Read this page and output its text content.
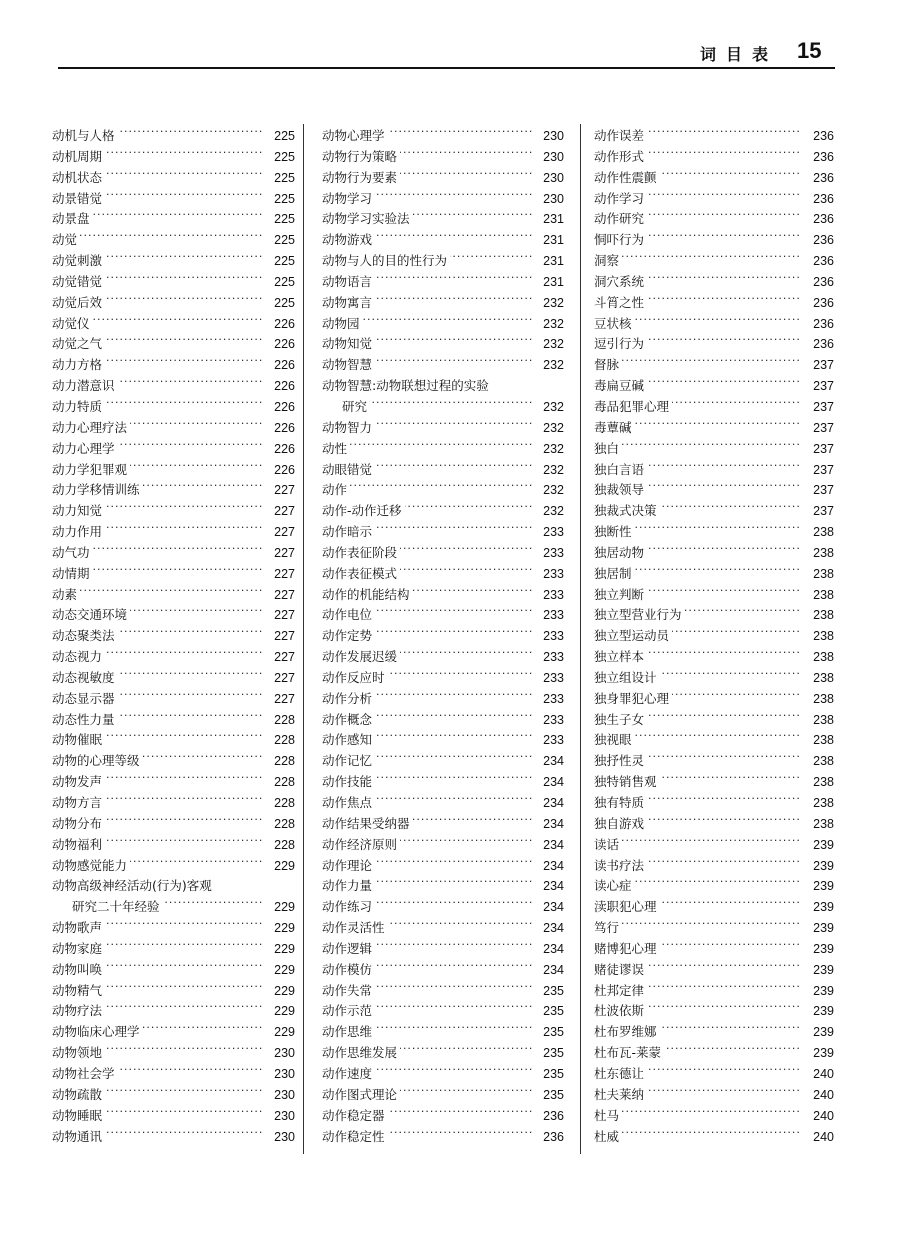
词目表 15
·····
动机与人格	225
·····
动机周期	225
·····
动机状态	225
·····
动景错觉	225
·····
动景盘	225
·····
动觉	225
·····
动觉刺激	225
·····
动觉错觉	225
·····
动觉后效	225
·····
动觉仪	226
·····
动觉之气	226
·····
动力方格	226
·····
动力潜意识	226
·····
动力特质	226
·····
动力心理疗法	226
·····
动力心理学	226
·····
动力学犯罪观	226
·····
动力学移情训练	227
·····
动力知觉	227
·····
动力作用	227
·····
动气功	227
·····
动情期	227
·····
动素	227
·····
动态交通环境	227
·····
动态聚类法	227
·····
动态视力	227
·····
动态视敏度	227
·····
动态显示器	227
·····
动态性力量	228
·····
动物催眠	228
·····
动物的心理等级	228
·····
动物发声	228
·····
动物方言	228
·····
动物分布	228
·····
动物福利	228
·····
动物感觉能力	229
动物高级神经活动(行为)客观
·····
研究二十年经验	229
·····
动物歌声	229
·····
动物家庭	229
·····
动物叫唤	229
·····
动物精气	229
·····
动物疗法	229
·····
动物临床心理学	229
·····
动物领地	230
·····
动物社会学	230
·····
动物疏散	230
·····
动物睡眠	230
·····
动物通讯	230
·····
动物心理学	230
·····
动物行为策略	230
·····
动物行为要素	230
·····
动物学习	230
·····
动物学习实验法	231
·····
动物游戏	231
·····
动物与人的目的性行为	231
·····
动物语言	231
·····
动物寓言	232
·····
动物园	232
·····
动物知觉	232
·····
动物智慧	232
动物智慧:动物联想过程的实验
·····
研究	232
·····
动物智力	232
·····
动性	232
·····
动眼错觉	232
·····
动作	232
·····
动作-动作迁移	232
·····
动作暗示	233
·····
动作表征阶段	233
·····
动作表征模式	233
·····
动作的机能结构	233
·····
动作电位	233
·····
动作定势	233
·····
动作发展迟缓	233
·····
动作反应时	233
·····
动作分析	233
·····
动作概念	233
·····
动作感知	233
·····
动作记忆	234
·····
动作技能	234
·····
动作焦点	234
·····
动作结果受纳器	234
·····
动作经济原则	234
·····
动作理论	234
·····
动作力量	234
·····
动作练习	234
·····
动作灵活性	234
·····
动作逻辑	234
·····
动作模仿	234
·····
动作失常	235
·····
动作示范	235
·····
动作思维	235
·····
动作思维发展	235
·····
动作速度	235
·····
动作图式理论	235
·····
动作稳定器	236
·····
动作稳定性	236
·····
动作误差	236
·····
动作形式	236
·····
动作性震颤	236
·····
动作学习	236
·····
动作研究	236
·····
恫吓行为	236
·····
洞察	236
·····
洞穴系统	236
·····
斗筲之性	236
·····
豆状核	236
·····
逗引行为	236
·····
督脉	237
·····
毒扁豆碱	237
·····
毒品犯罪心理	237
·····
毒蕈碱	237
·····
独白	237
·····
独白言语	237
·····
独裁领导	237
·····
独裁式决策	237
·····
独断性	238
·····
独居动物	238
·····
独居制	238
·····
独立判断	238
·····
独立型营业行为	238
·····
独立型运动员	238
·····
独立样本	238
·····
独立组设计	238
·····
独身罪犯心理	238
·····
独生子女	238
·····
独视眼	238
·····
独抒性灵	238
·····
独特销售观	238
·····
独有特质	238
·····
独自游戏	238
·····
读话	239
·····
读书疗法	239
·····
读心症	239
·····
渎职犯心理	239
·····
笃行	239
·····
赌博犯心理	239
·····
赌徒谬误	239
·····
杜邦定律	239
·····
杜波依斯	239
·····
杜布罗维娜	239
·····
杜布瓦-莱蒙	239
·····
杜东德让	240
·····
杜夫莱纳	240
·····
杜马	240
·····
杜威	240
